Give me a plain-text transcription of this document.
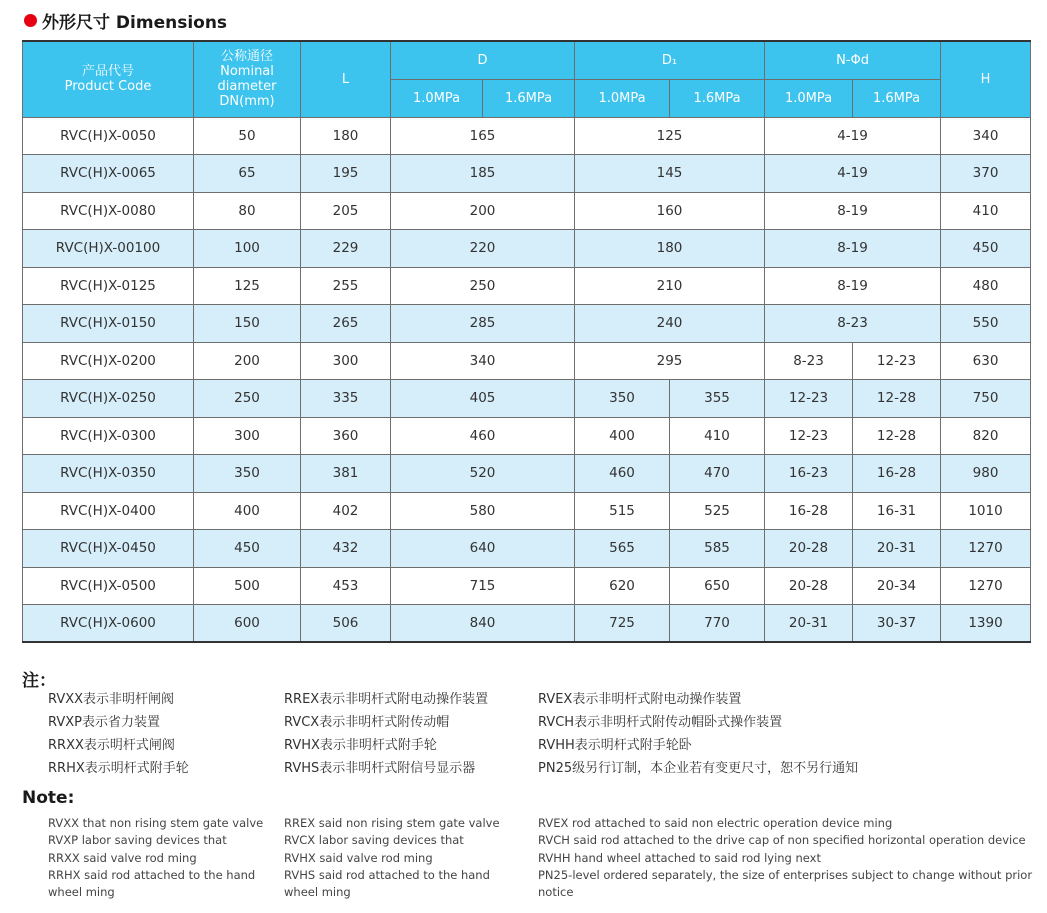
外形尺寸 Dimensions
产品代号
Product Code	公称通径
Nominal
diameter
DN(mm)	L	D		D₁		N-Φd		H
			1.0MPa	1.6MPa	1.0MPa	1.6MPa	1.0MPa	1.6MPa	
RVC(H)X-0050	50	180	165		125		4-19		340
RVC(H)X-0065	65	195	185		145		4-19		370
RVC(H)X-0080	80	205	200		160		8-19		410
RVC(H)X-00100	100	229	220		180		8-19		450
RVC(H)X-0125	125	255	250		210		8-19		480
RVC(H)X-0150	150	265	285		240		8-23		550
RVC(H)X-0200	200	300	340		295		8-23	12-23	630
RVC(H)X-0250	250	335	405		350	355	12-23	12-28	750
RVC(H)X-0300	300	360	460		400	410	12-23	12-28	820
RVC(H)X-0350	350	381	520		460	470	16-23	16-28	980
RVC(H)X-0400	400	402	580		515	525	16-28	16-31	1010
RVC(H)X-0450	450	432	640		565	585	20-28	20-31	1270
RVC(H)X-0500	500	453	715		620	650	20-28	20-34	1270
RVC(H)X-0600	600	506	840		725	770	20-31	30-37	1390
注：
RVXX表示非明杆闸阀
RVXP表示省力装置
RRXX表示明杆式闸阀
RRHX表示明杆式附手轮
RREX表示非明杆式附电动操作装置
RVCX表示非明杆式附传动帽
RVHX表示非明杆式附手轮
RVHS表示非明杆式附信号显示器
RVEX表示非明杆式附电动操作装置
RVCH表示非明杆式附传动帽卧式操作装置
RVHH表示明杆式附手轮卧
PN25级另行订制，本企业若有变更尺寸，恕不另行通知
Note:
RVXX that non rising stem gate valve
RVXP labor saving devices that
RRXX said valve rod ming
RRHX said rod attached to the hand wheel ming
RREX said non rising stem gate valve
RVCX labor saving devices that
RVHX said valve rod ming
RVHS said rod attached to the hand wheel ming
RVEX rod attached to said non electric operation device ming
RVCH said rod attached to the drive cap of non specified horizontal operation device
RVHH hand wheel attached to said rod lying next
PN25-level ordered separately, the size of enterprises subject to change without prior notice
